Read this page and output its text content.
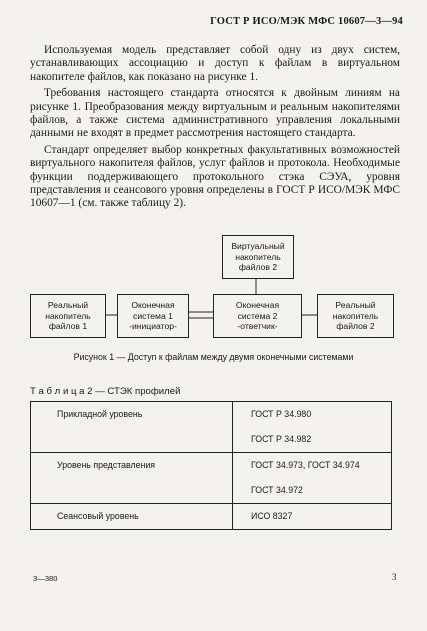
ГОСТ Р ИСО/МЭК МФС 10607—3—94

Используемая модель представляет собой одну из двух систем, устанавливающих ассоциацию и доступ к файлам в виртуальном накопителе файлов, как показано на рисунке 1.

Требования настоящего стандарта относятся к двойным линиям на рисунке 1. Преобразования между виртуальным и реальным накопителями файлов, а также система административного управления локальными данными не входят в предмет рассмотрения настоящего стандарта.

Стандарт определяет выбор конкретных факультативных возможностей виртуального накопителя файлов, услуг файлов и протокола. Необходимые функции поддерживающего протокольного стэка СЭУА, уровня представления и сеансового уровня определены в ГОСТ Р ИСО/МЭК МФС 10607—1 (см. также таблицу 2).

Виртуальный
накопитель
файлов 2
Реальный
накопитель
файлов 1
Оконечная
система 1
-инициатор-
Оконечная
система 2
-ответчик-
Реальный
накопитель
файлов 2
Рисунок 1 — Доступ к файлам между двумя оконечными системами
Т а б л и ц а 2 — СТЭК профилей
Прикладной уровень	ГОСТ Р 34.980
ГОСТ Р 34.982

Уровень представления	ГОСТ 34.973, ГОСТ 34.974
ГОСТ 34.972

Сеансовый уровень	ИСО 8327
3—380	3
